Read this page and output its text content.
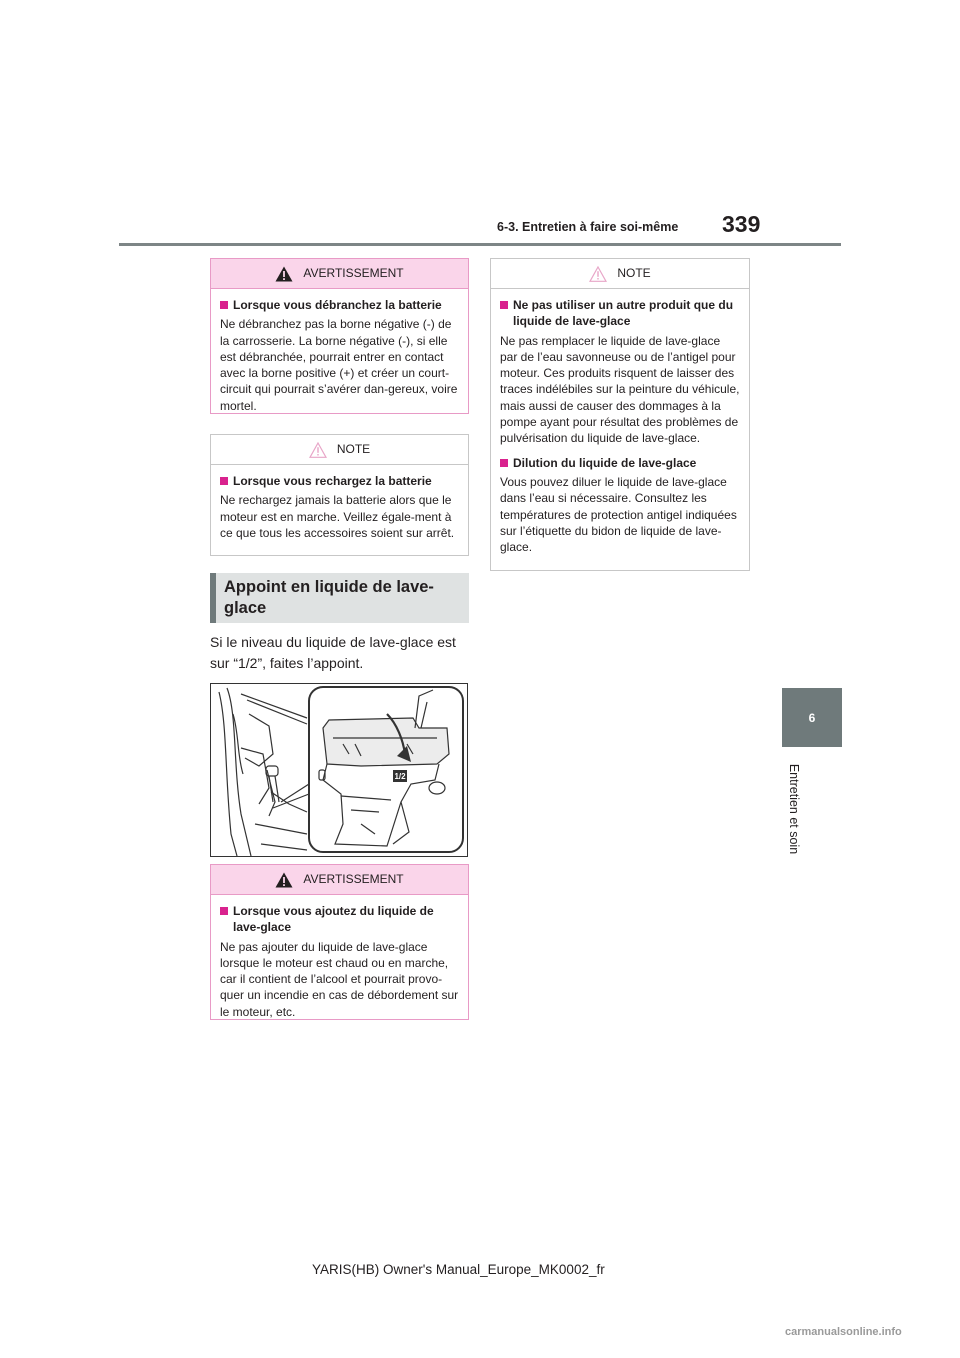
6-3. Entretien à faire soi-même 339
6
Entretien et soin
AVERTISSEMENT
Lorsque vous débranchez la batterie

Ne débranchez pas la borne négative (-) de la carrosserie. La borne négative (-), si elle est débranchée, pourrait entrer en contact avec la borne positive (+) et créer un court-circuit qui pourrait s’avérer dan-gereux, voire mortel.

NOTE
Lorsque vous rechargez la batterie

Ne rechargez jamais la batterie alors que le moteur est en marche. Veillez égale-ment à ce que tous les accessoires soient sur arrêt.

Appoint en liquide de lave-glace
Si le niveau du liquide de lave-glace est sur “1/2”, faites l’appoint.
1/2
AVERTISSEMENT
Lorsque vous ajoutez du liquide de lave-glace

Ne pas ajouter du liquide de lave-glace lorsque le moteur est chaud ou en marche, car il contient de l’alcool et pourrait provo-quer un incendie en cas de débordement sur le moteur, etc.

NOTE
Ne pas utiliser un autre produit que du liquide de lave-glace

Ne pas remplacer le liquide de lave-glace par de l’eau savonneuse ou de l’antigel pour moteur. Ces produits risquent de laisser des traces indélébiles sur la peinture du véhicule, mais aussi de causer des dommages à la pompe ayant pour résultat des problèmes de pulvérisation du liquide de lave-glace.

Dilution du liquide de lave-glace

Vous pouvez diluer le liquide de lave-glace dans l’eau si nécessaire. Consultez les températures de protection antigel indiquées sur l’étiquette du bidon de liquide de lave-glace.

YARIS(HB) Owner's Manual_Europe_MK0002_fr
carmanualsonline.info
